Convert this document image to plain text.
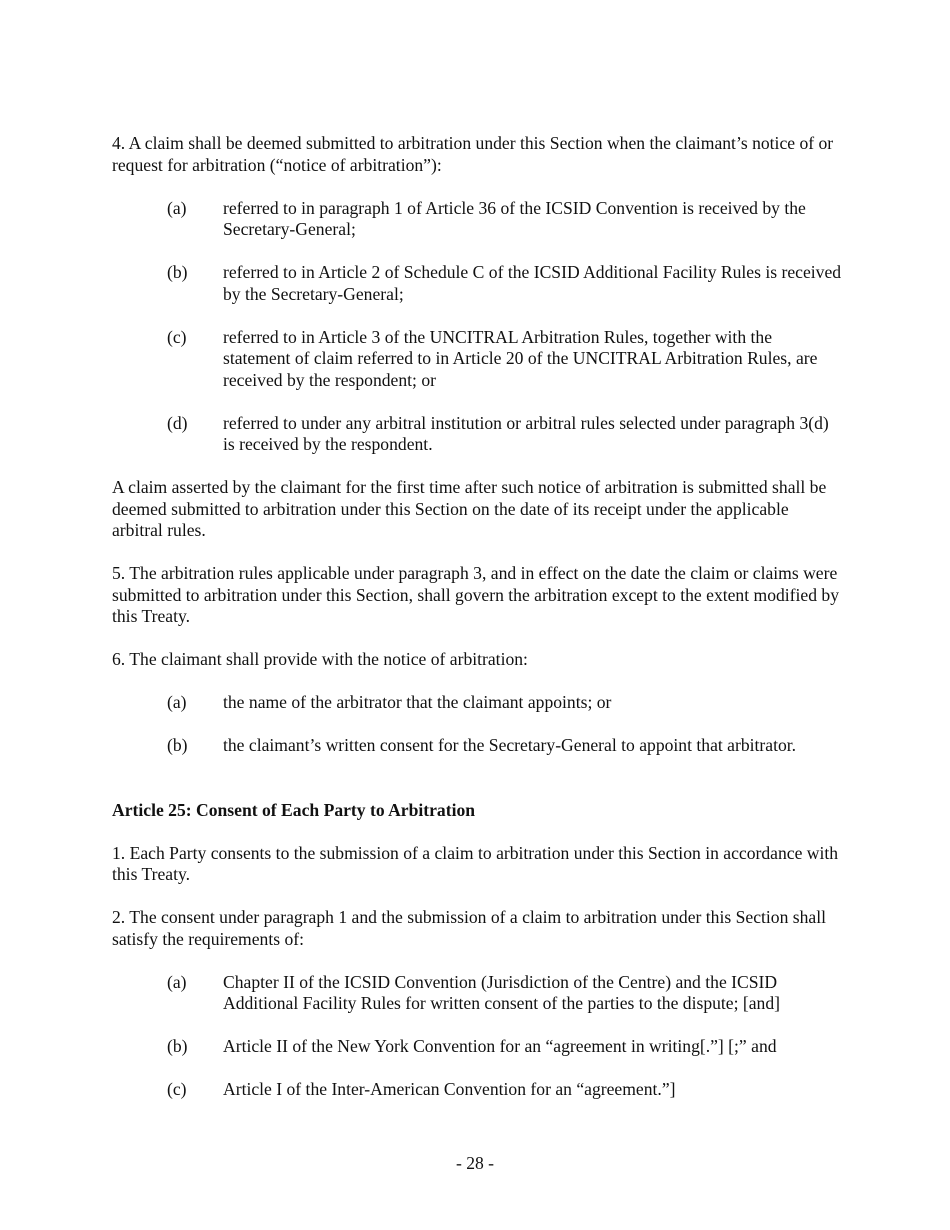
4. A claim shall be deemed submitted to arbitration under this Section when the claimant’s notice of or request for arbitration (“notice of arbitration”):

(a)	referred to in paragraph 1 of Article 36 of the ICSID Convention is received by the Secretary-General;
(b)	referred to in Article 2 of Schedule C of the ICSID Additional Facility Rules is received by the Secretary-General;
(c)	referred to in Article 3 of the UNCITRAL Arbitration Rules, together with the statement of claim referred to in Article 20 of the UNCITRAL Arbitration Rules, are received by the respondent; or
(d)	referred to under any arbitral institution or arbitral rules selected under paragraph 3(d) is received by the respondent.

A claim asserted by the claimant for the first time after such notice of arbitration is submitted shall be deemed submitted to arbitration under this Section on the date of its receipt under the applicable arbitral rules.

5. The arbitration rules applicable under paragraph 3, and in effect on the date the claim or claims were submitted to arbitration under this Section, shall govern the arbitration except to the extent modified by this Treaty.

6. The claimant shall provide with the notice of arbitration:

(a)	the name of the arbitrator that the claimant appoints; or
(b)	the claimant’s written consent for the Secretary-General to appoint that arbitrator.

Article 25: Consent of Each Party to Arbitration

1. Each Party consents to the submission of a claim to arbitration under this Section in accordance with this Treaty.

2. The consent under paragraph 1 and the submission of a claim to arbitration under this Section shall satisfy the requirements of:

(a)	Chapter II of the ICSID Convention (Jurisdiction of the Centre) and the ICSID Additional Facility Rules for written consent of the parties to the dispute; [and]
(b)	Article II of the New York Convention for an “agreement in writing[.”] [;” and
(c)	Article I of the Inter-American Convention for an “agreement.”]
- 28 -
